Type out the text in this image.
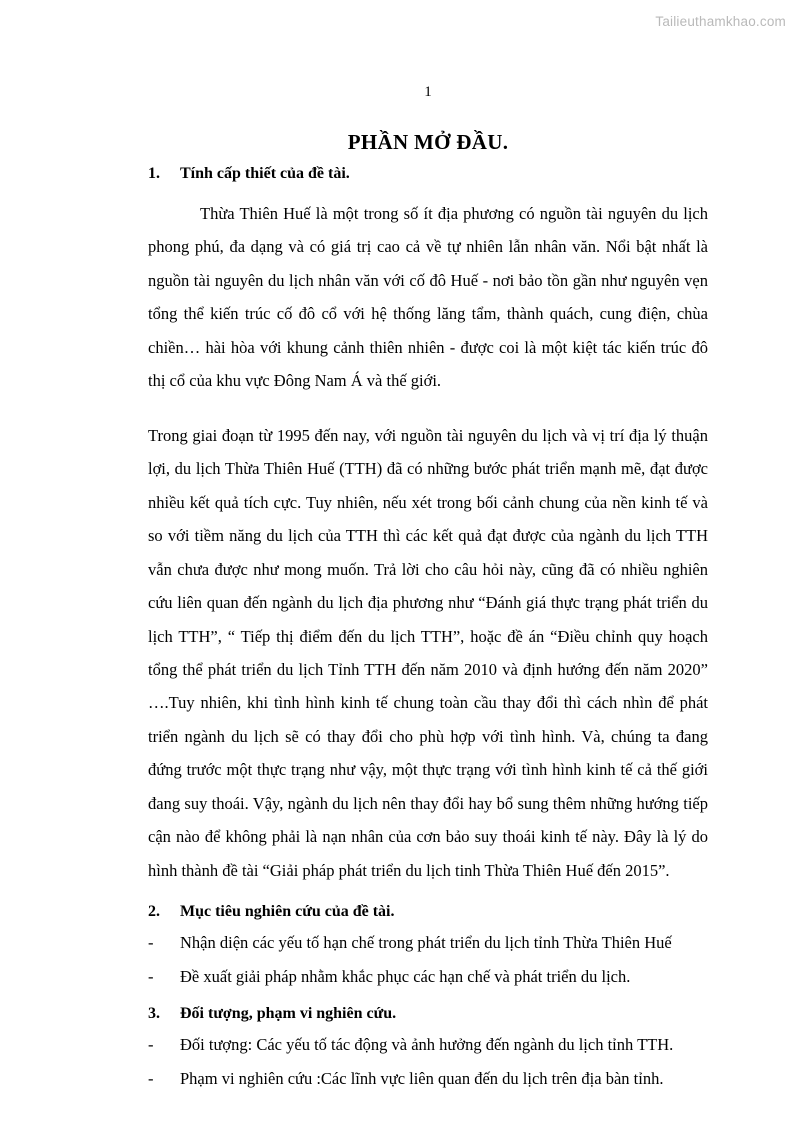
Tailieuthamkhao.com
1
PHẦN MỞ ĐẦU.
1.	Tính cấp thiết của đề tài.

Thừa Thiên Huế là một trong số ít địa phương có nguồn tài nguyên du lịch phong phú, đa dạng và có giá trị cao cả về tự nhiên lẫn nhân văn. Nổi bật nhất là nguồn tài nguyên du lịch nhân văn với cố đô Huế - nơi bảo tồn gần như nguyên vẹn tổng thể kiến trúc cố đô cổ với hệ thống lăng tẩm, thành quách, cung điện, chùa chiền… hài hòa với khung cảnh thiên nhiên - được coi là một kiệt tác kiến trúc đô thị cổ của khu vực Đông Nam Á và thế giới.

Trong giai đoạn từ 1995 đến nay, với nguồn tài nguyên du lịch và vị trí địa lý thuận lợi, du lịch Thừa Thiên Huế (TTH) đã có những bước phát triển mạnh mẽ, đạt được nhiều kết quả tích cực. Tuy nhiên, nếu xét trong bối cảnh chung của nền kinh tế và so với tiềm năng du lịch của TTH thì các kết quả đạt được của ngành du lịch TTH vẫn chưa được như mong muốn. Trả lời cho câu hỏi này, cũng đã có nhiều nghiên cứu liên quan đến ngành du lịch địa phương như “Đánh giá thực trạng phát triển du lịch TTH”, “ Tiếp thị điểm đến du lịch TTH”, hoặc đề án “Điều chỉnh quy hoạch tổng thể phát triển du lịch Tỉnh TTH đến năm 2010 và định hướng đến năm 2020” ….Tuy nhiên, khi tình hình kinh tế chung toàn cầu thay đổi thì cách nhìn để phát triển ngành du lịch sẽ có thay đổi cho phù hợp với tình hình. Và, chúng ta đang đứng trước một thực trạng như vậy, một thực trạng với tình hình kinh tế cả thế giới đang suy thoái. Vậy, ngành du lịch nên thay đổi hay bổ sung thêm những hướng tiếp cận nào để không phải là nạn nhân của cơn bảo suy thoái kinh tế này. Đây là lý do hình thành đề tài “Giải pháp phát triển du lịch tinh Thừa Thiên Huế đến 2015”.

2.	Mục tiêu nghiên cứu của đề tài.
-	Nhận diện các yếu tố hạn chế trong phát triển du lịch tỉnh Thừa Thiên Huế
-	Đề xuất giải pháp nhằm khắc phục các hạn chế và phát triển du lịch.
3.	Đối tượng, phạm vi nghiên cứu.
-	Đối tượng: Các yếu tố tác động và ảnh hưởng đến ngành du lịch tỉnh TTH.
-	Phạm vi nghiên cứu :Các lĩnh vực liên quan đến du lịch trên địa bàn tỉnh.
